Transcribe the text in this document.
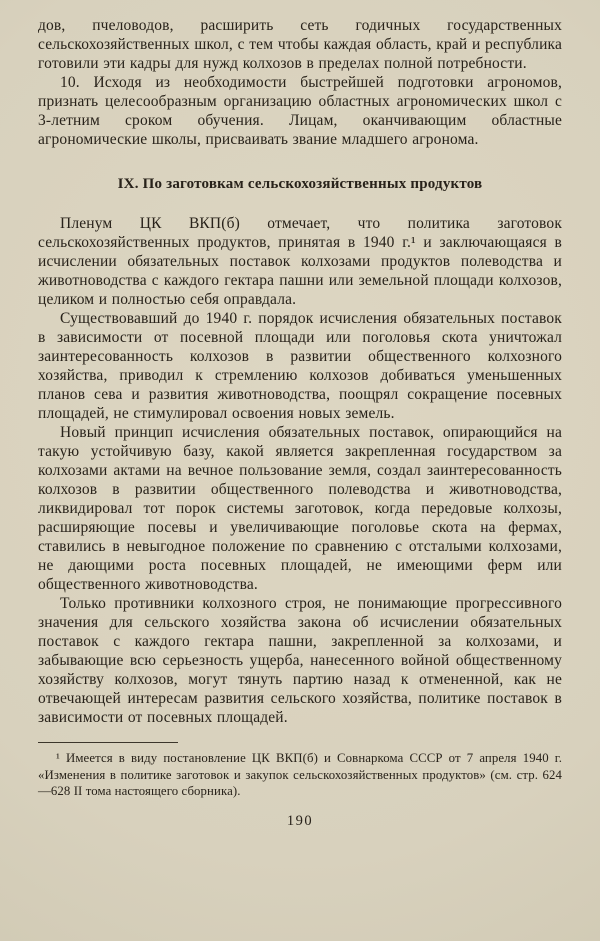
дов, пчеловодов, расширить сеть годичных государственных сельскохозяйственных школ, с тем чтобы каждая область, край и республика готовили эти кадры для нужд колхозов в пределах полной потребности.

10. Исходя из необходимости быстрейшей подготовки агрономов, признать целесообразным организацию областных агрономических школ с 3-летним сроком обучения. Лицам, оканчивающим областные агрономические школы, присваивать звание младшего агронома.

IX. По заготовкам сельскохозяйственных продуктов

Пленум ЦК ВКП(б) отмечает, что политика заготовок сельскохозяйственных продуктов, принятая в 1940 г.¹ и заключающаяся в исчислении обязательных поставок колхозами продуктов полеводства и животноводства с каждого гектара пашни или земельной площади колхозов, целиком и полностью себя оправдала.

Существовавший до 1940 г. порядок исчисления обязательных поставок в зависимости от посевной площади или поголовья скота уничтожал заинтересованность колхозов в развитии общественного колхозного хозяйства, приводил к стремлению колхозов добиваться уменьшенных планов сева и развития животноводства, поощрял сокращение посевных площадей, не стимулировал освоения новых земель.

Новый принцип исчисления обязательных поставок, опирающийся на такую устойчивую базу, какой является закрепленная государством за колхозами актами на вечное пользование земля, создал заинтересованность колхозов в развитии общественного полеводства и животноводства, ликвидировал тот порок системы заготовок, когда передовые колхозы, расширяющие посевы и увеличивающие поголовье скота на фермах, ставились в невыгодное положение по сравнению с отсталыми колхозами, не дающими роста посевных площадей, не имеющими ферм или общественного животноводства.

Только противники колхозного строя, не понимающие прогрессивного значения для сельского хозяйства закона об исчислении обязательных поставок с каждого гектара пашни, закрепленной за колхозами, и забывающие всю серьезность ущерба, нанесенного войной общественному хозяйству колхозов, могут тянуть партию назад к отмененной, как не отвечающей интересам развития сельского хозяйства, политике поставок в зависимости от посевных площадей.

¹ Имеется в виду постановление ЦК ВКП(б) и Совнаркома СССР от 7 апреля 1940 г. «Изменения в политике заготовок и закупок сельскохозяйственных продуктов» (см. стр. 624—628 II тома настоящего сборника).

190
